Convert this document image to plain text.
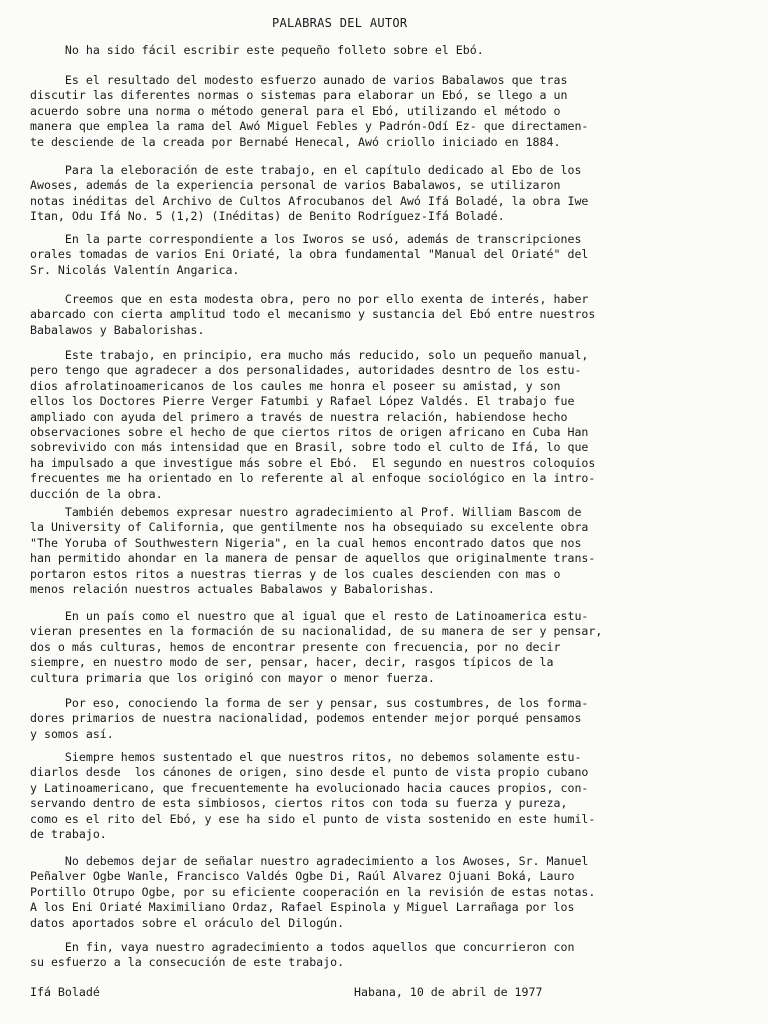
PALABRAS DEL AUTOR
No ha sido fácil escribir este pequeño folleto sobre el Ebó.
Es el resultado del modesto esfuerzo aunado de varios Babalawos que tras
discutir las diferentes normas o sistemas para elaborar un Ebó, se llego a un
acuerdo sobre una norma o método general para el Ebó, utilizando el método o
manera que emplea la rama del Awó Miguel Febles y Padrón-Odí Ez- que directamen-
te desciende de la creada por Bernabé Henecal, Awó criollo iniciado en 1884.
Para la eleboración de este trabajo, en el capítulo dedicado al Ebo de los
Awoses, además de la experiencia personal de varios Babalawos, se utilizaron
notas inéditas del Archivo de Cultos Afrocubanos del Awó Ifá Boladé, la obra Iwe
Itan, Odu Ifá No. 5 (1,2) (Inéditas) de Benito Rodríguez-Ifá Boladé.
En la parte correspondiente a los Iworos se usó, además de transcripciones
orales tomadas de varios Eni Oriaté, la obra fundamental "Manual del Oriaté" del
Sr. Nicolás Valentín Angarica.
Creemos que en esta modesta obra, pero no por ello exenta de interés, haber
abarcado con cierta amplitud todo el mecanismo y sustancia del Ebó entre nuestros
Babalawos y Babalorishas.
Este trabajo, en principio, era mucho más reducido, solo un pequeño manual,
pero tengo que agradecer a dos personalidades, autoridades desntro de los estu-
dios afrolatinoamericanos de los caules me honra el poseer su amistad, y son
ellos los Doctores Pierre Verger Fatumbi y Rafael López Valdés. El trabajo fue
ampliado con ayuda del primero a través de nuestra relación, habiendose hecho
observaciones sobre el hecho de que ciertos ritos de origen africano en Cuba Han
sobrevivido con más intensidad que en Brasil, sobre todo el culto de Ifá, lo que
ha impulsado a que investigue más sobre el Ebó.  El segundo en nuestros coloquios
frecuentes me ha orientado en lo referente al al enfoque sociológico en la intro-
ducción de la obra.
También debemos expresar nuestro agradecimiento al Prof. William Bascom de
la University of California, que gentilmente nos ha obsequiado su excelente obra
"The Yoruba of Southwestern Nigeria", en la cual hemos encontrado datos que nos
han permitido ahondar en la manera de pensar de aquellos que originalmente trans-
portaron estos ritos a nuestras tierras y de los cuales descienden con mas o
menos relación nuestros actuales Babalawos y Babalorishas.
En un país como el nuestro que al igual que el resto de Latinoamerica estu-
vieran presentes en la formación de su nacionalidad, de su manera de ser y pensar,
dos o más culturas, hemos de encontrar presente con frecuencia, por no decir
siempre, en nuestro modo de ser, pensar, hacer, decir, rasgos típicos de la
cultura primaria que los originó con mayor o menor fuerza.
Por eso, conociendo la forma de ser y pensar, sus costumbres, de los forma-
dores primarios de nuestra nacionalidad, podemos entender mejor porqué pensamos
y somos así.
Siempre hemos sustentado el que nuestros ritos, no debemos solamente estu-
diarlos desde  los cánones de origen, sino desde el punto de vista propio cubano
y Latinoamericano, que frecuentemente ha evolucionado hacia cauces propios, con-
servando dentro de esta simbiosos, ciertos ritos con toda su fuerza y pureza,
como es el rito del Ebó, y ese ha sido el punto de vista sostenido en este humil-
de trabajo.
No debemos dejar de señalar nuestro agradecimiento a los Awoses, Sr. Manuel
Peñalver Ogbe Wanle, Francisco Valdés Ogbe Di, Raúl Alvarez Ojuani Boká, Lauro
Portillo Otrupo Ogbe, por su eficiente cooperación en la revisión de estas notas.
A los Eni Oriaté Maximiliano Ordaz, Rafael Espinola y Miguel Larrañaga por los
datos aportados sobre el oráculo del Dilogún.
En fin, vaya nuestro agradecimiento a todos aquellos que concurrieron con
su esfuerzo a la consecución de este trabajo.
Ifá Boladé	Habana, 10 de abril de 1977
